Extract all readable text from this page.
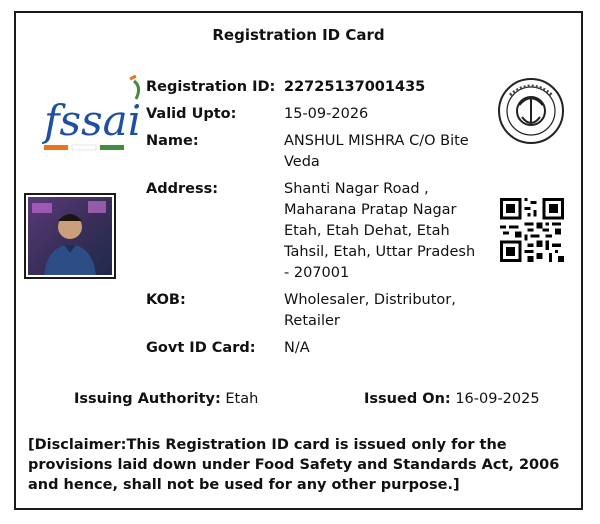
Registration ID Card
fssai
Registration ID: 22725137001435
Valid Upto:	15-09-2026
Name:	ANSHUL MISHRA C/O Bite Veda
Address:	Shanti Nagar Road , Maharana Pratap Nagar Etah, Etah Dehat, Etah Tahsil, Etah, Uttar Pradesh - 207001
KOB:	Wholesaler, Distributor, Retailer
Govt ID Card:	N/A
Issuing Authority: Etah	Issued On: 16-09-2025
[Disclaimer:This Registration ID card is issued only for the provisions laid down under Food Safety and Standards Act, 2006 and hence, shall not be used for any other purpose.]
